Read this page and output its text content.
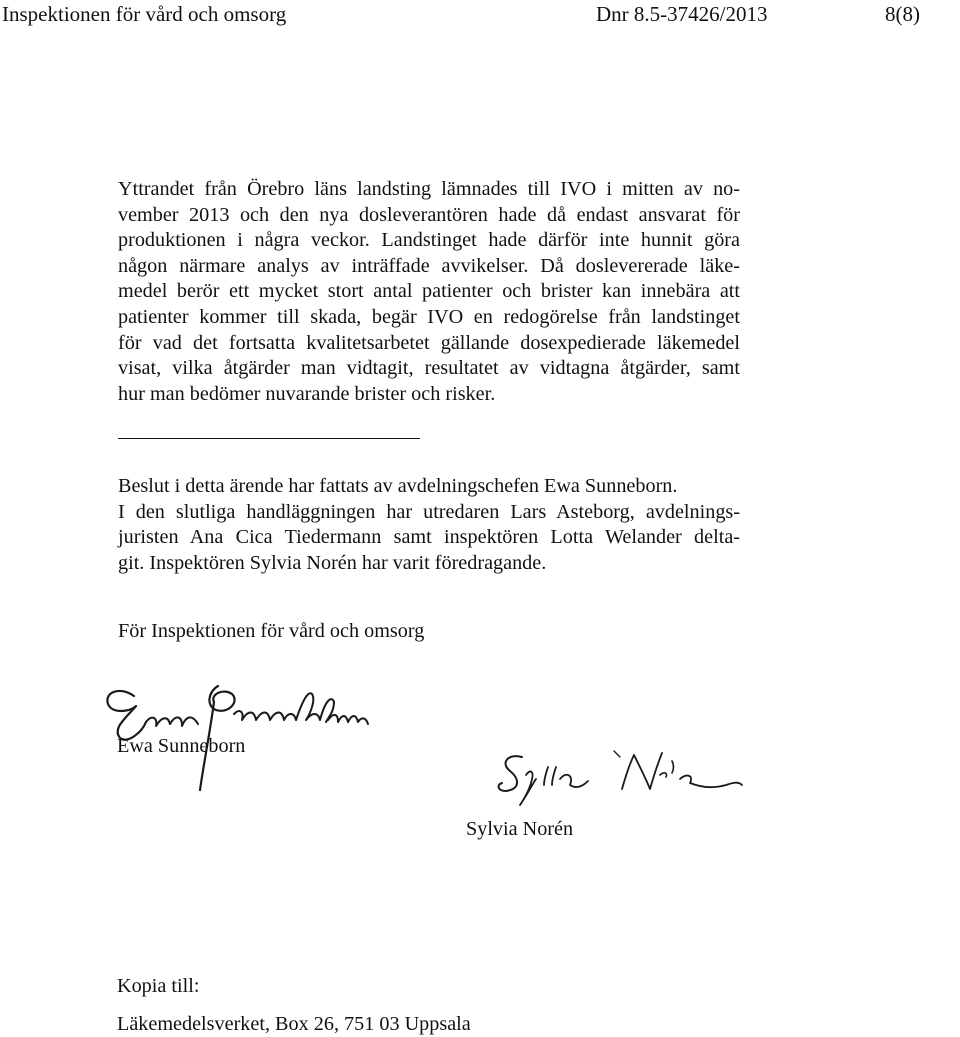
Inspektionen för vård och omsorg	Dnr 8.5-37426/2013	8(8)
Yttrandet från Örebro läns landsting lämnades till IVO i mitten av no-
vember 2013 och den nya dosleverantören hade då endast ansvarat för
produktionen i några veckor. Landstinget hade därför inte hunnit göra
någon närmare analys av inträffade avvikelser. Då doslevererade läke-
medel berör ett mycket stort antal patienter och brister kan innebära att
patienter kommer till skada, begär IVO en redogörelse från landstinget
för vad det fortsatta kvalitetsarbetet gällande dosexpedierade läkemedel
visat, vilka åtgärder man vidtagit, resultatet av vidtagna åtgärder, samt
hur man bedömer nuvarande brister och risker.
Beslut i detta ärende har fattats av avdelningschefen Ewa Sunneborn.
I den slutliga handläggningen har utredaren Lars Asteborg, avdelnings-
juristen Ana Cica Tiedermann samt inspektören Lotta Welander delta-
git. Inspektören Sylvia Norén har varit föredragande.
För Inspektionen för vård och omsorg
Ewa Sunneborn
Sylvia Norén
Kopia till:
Läkemedelsverket, Box 26, 751 03 Uppsala
